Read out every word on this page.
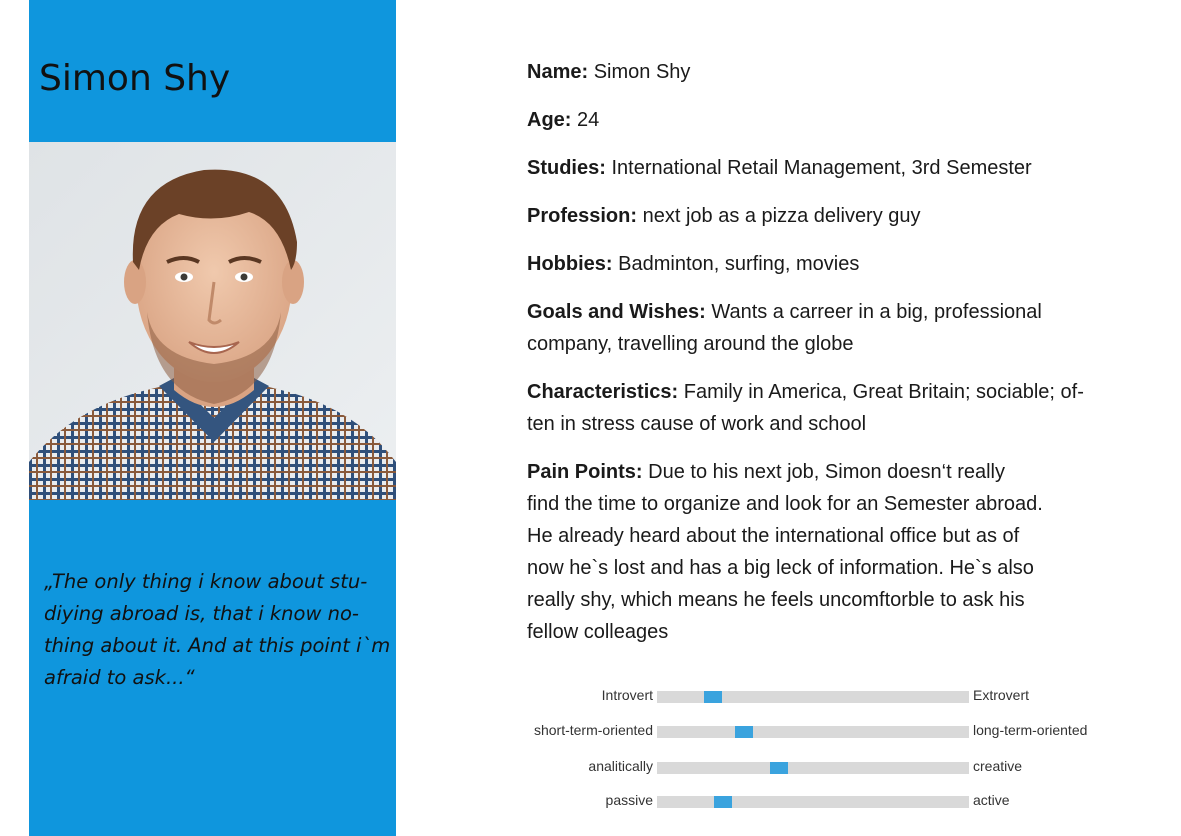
Simon Shy
„The only thing i know about stu-
diying abroad is, that i know no-
thing about it. And at this point i`m
afraid to ask...“
Name: Simon Shy
Age: 24
Studies: International Retail Management, 3rd Semester
Profession: next job as a pizza delivery guy
Hobbies: Badminton, surfing, movies
Goals and Wishes: Wants a carreer in a big, professional
company, travelling around the globe
Characteristics: Family in America, Great Britain; sociable; of-
ten in stress cause of work and school
Pain Points: Due to his next job, Simon doesn‘t really
find the time to organize and look for an Semester abroad.
He already heard about the international office but as of
now he`s lost and has a big leck of information. He`s also
really shy, which means he feels uncomftorble to ask his
fellow colleages
Introvert	Extrovert
short-term-oriented	long-term-oriented
analitically	creative
passive	active
